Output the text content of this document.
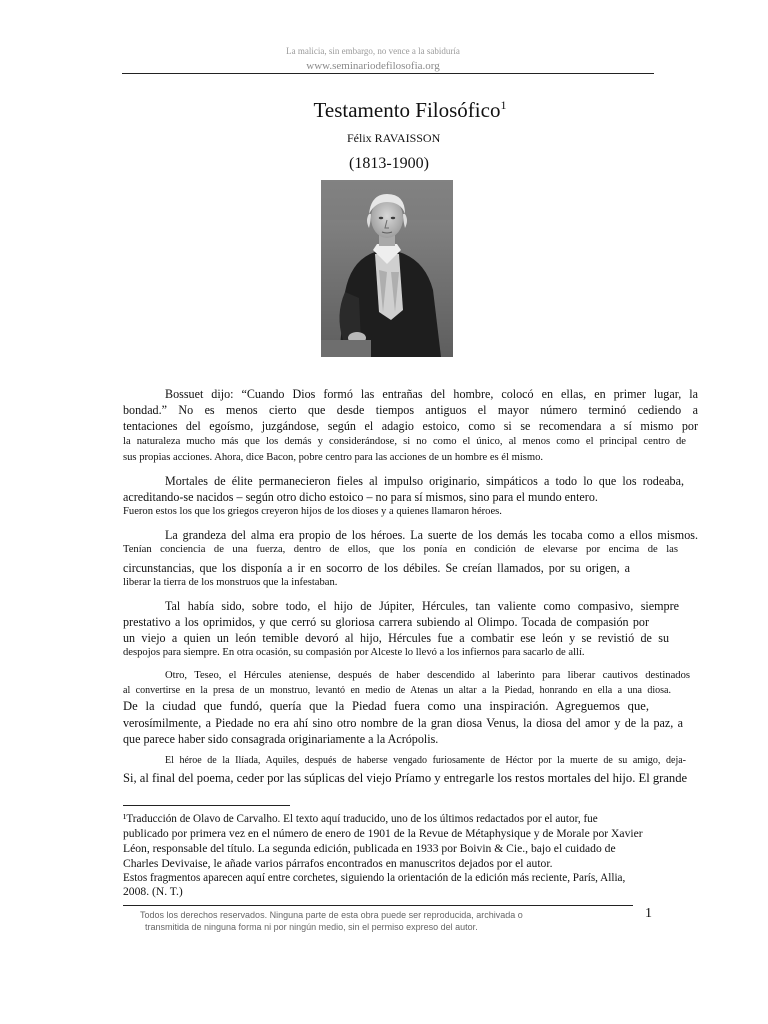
La malicia, sin embargo, no vence a la sabiduría
www.seminariodefilosofia.org
Testamento Filosófico$^1$
Félix RAVAISSON
(1813-1900)
Bossuet dijo: “Cuando Dios formó las entrañas del hombre, colocó en ellas, en primer lugar, la
bondad.” No es menos cierto que desde tiempos antiguos el mayor número terminó cediendo a
tentaciones del egoísmo, juzgándose, según el adagio estoico, como si se recomendara a sí mismo por
la naturaleza mucho más que los demás y considerándose, si no como el único, al menos como el principal centro de
sus propias acciones. Ahora, dice Bacon, pobre centro para las acciones de un hombre es él mismo.
Mortales de élite permanecieron fieles al impulso originario, simpáticos a todo lo que los rodeaba,
acreditando-se nacidos – según otro dicho estoico – no para sí mismos, sino para el mundo entero.
Fueron estos los que los griegos creyeron hijos de los dioses y a quienes llamaron héroes.
La grandeza del alma era propio de los héroes. La suerte de los demás les tocaba como a ellos mismos.
Tenían conciencia de una fuerza, dentro de ellos, que los ponía en condición de elevarse por encima de las
circunstancias, que los disponía a ir en socorro de los débiles. Se creían llamados, por su origen, a
liberar la tierra de los monstruos que la infestaban.
Tal había sido, sobre todo, el hijo de Júpiter, Hércules, tan valiente como compasivo, siempre
prestativo a los oprimidos, y que cerró su gloriosa carrera subiendo al Olimpo. Tocada de compasión por
un viejo a quien un león temible devoró al hijo, Hércules fue a combatir ese león y se revistió de su
despojos para siempre. En otra ocasión, su compasión por Alceste lo llevó a los infiernos para sacarlo de allí.
Otro, Teseo, el Hércules ateniense, después de haber descendido al laberinto para liberar cautivos destinados
al convertirse en la presa de un monstruo, levantó en medio de Atenas un altar a la Piedad, honrando en ella a una diosa.
De la ciudad que fundó, quería que la Piedad fuera como una inspiración. Agreguemos que,
verosímilmente, a Piedade no era ahí sino otro nombre de la gran diosa Venus, la diosa del amor y de la paz, a
que parece haber sido consagrada originariamente a la Acrópolis.
El héroe de la Ilíada, Aquiles, después de haberse vengado furiosamente de Héctor por la muerte de su amigo, deja-
Si, al final del poema, ceder por las súplicas del viejo Príamo y entregarle los restos mortales del hijo. El grande
¹Traducción de Olavo de Carvalho. El texto aquí traducido, uno de los últimos redactados por el autor, fue
publicado por primera vez en el número de enero de 1901 de la Revue de Métaphysique y de Morale por Xavier
Léon, responsable del título. La segunda edición, publicada en 1933 por Boivin & Cie., bajo el cuidado de
Charles Devivaise, le añade varios párrafos encontrados en manuscritos dejados por el autor.
Estos fragmentos aparecen aquí entre corchetes, siguiendo la orientación de la edición más reciente, París, Allia,
2008. (N. T.)
Todos los derechos reservados. Ninguna parte de esta obra puede ser reproducida, archivada o
transmitida de ninguna forma ni por ningún medio, sin el permiso expreso del autor.
1
